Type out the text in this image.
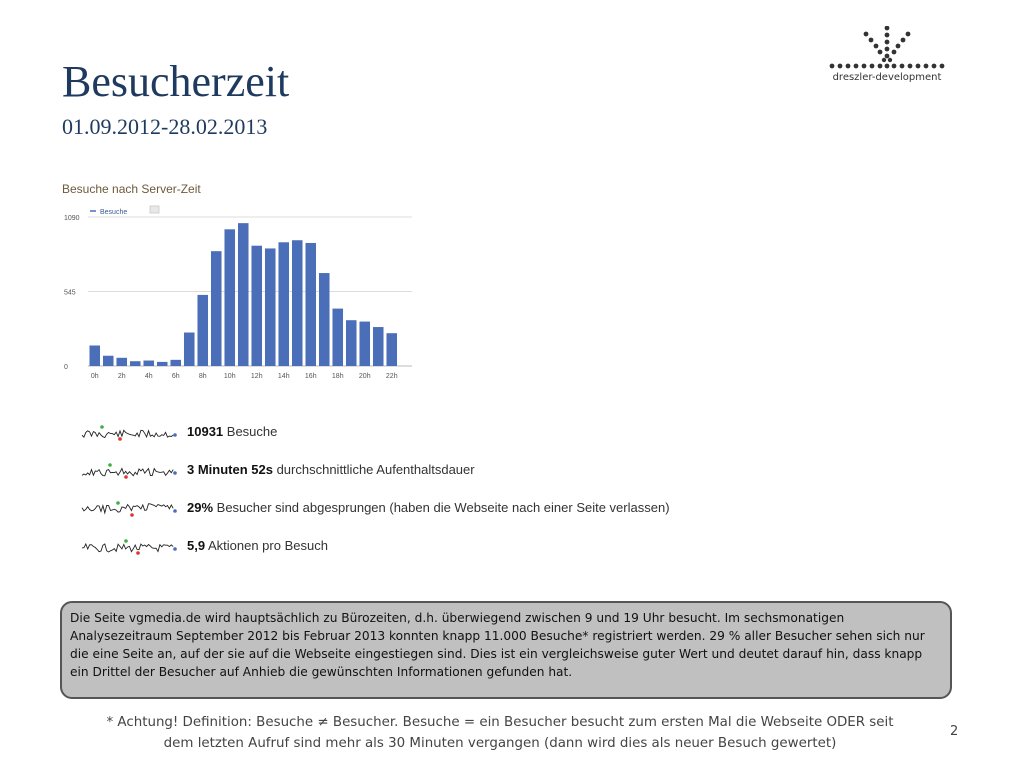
Besucherzeit
01.09.2012-28.02.2013
dreszler-development
Besuche nach Server-Zeit
1090
545
0
Besuche
0h	2h	4h	6h	8h 10h 12h 14h 16h 18h 20h 22h
10931 Besuche
3 Minuten 52s durchschnittliche Aufenthaltsdauer
29% Besucher sind abgesprungen (haben die Webseite nach einer Seite verlassen)
5,9 Aktionen pro Besuch
Die Seite vgmedia.de wird hauptsächlich zu Bürozeiten, d.h. überwiegend zwischen 9 und 19 Uhr besucht. Im sechsmonatigen Analysezeitraum September 2012 bis Februar 2013 konnten knapp 11.000 Besuche* registriert werden. 29 % aller Besucher sehen sich nur die eine Seite an, auf der sie auf die Webseite eingestiegen sind. Dies ist ein vergleichsweise guter Wert und deutet darauf hin, dass knapp ein Drittel der Besucher auf Anhieb die gewünschten Informationen gefunden hat.
* Achtung! Definition: Besuche ≠ Besucher. Besuche = ein Besucher besucht zum ersten Mal die Webseite ODER seit
dem letzten Aufruf sind mehr als 30 Minuten vergangen (dann wird dies als neuer Besuch gewertet)
2
